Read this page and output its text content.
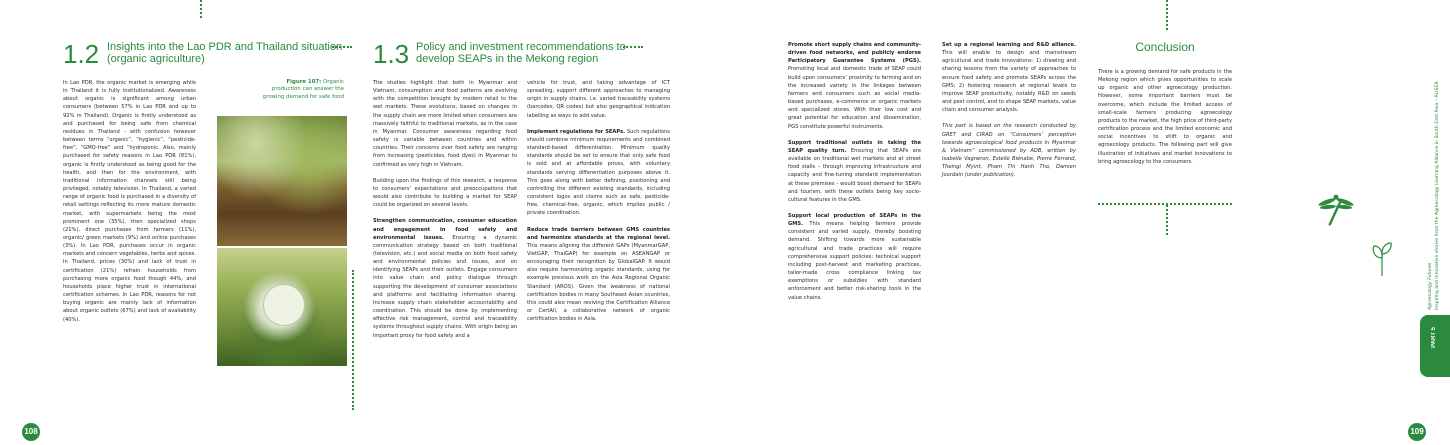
1.2 Insights into the Lao PDR and Thailand situation
(organic agriculture)

In Lao PDR, the organic market is emerging while in Thailand it is fully institutionalized. Awareness about organic is significant among urban consumers (between 57% in Lao PDR and up to 92% in Thailand). Organic is firstly understood as and purchased for being safe from chemical residues in Thailand - with confusion however between terms “organic”, “hygienic”, “pesticide-free”, “GMO-free” and “hydroponic. Also, mainly purchased for safety reasons in Lao PDR (81%), organic is firstly understood as being good for the health, and then for the environment, with traditional information channels still being privileged, notably television. In Thailand, a varied range of organic food is purchased in a diversity of retail settings reflecting its more mature domestic market, with supermarkets being the most prominent one (35%), then specialized shops (21%), direct purchases from farmers (11%), organic/ green markets (9%) and online purchases (3%). In Lao PDR, purchases occur in organic markets and concern vegetables, herbs and spices. In Thailand, prices (30%) and lack of trust in certification (21%) refrain households from purchasing more organic food though 44%; and households place higher trust in international certification schemes. In Lao PDR, reasons for not buying organic are mainly lack of information about organic outlets (67%) and lack of availability (40%).

Figure 107: Organic production can answer the growing demand for safe food
1.3 Policy and investment recommendations to
develop SEAPs in the Mekong region

The studies highlight that both in Myanmar and Vietnam, consumption and food patterns are evolving with the competition brought by modern retail to the wet markets. These evolutions, based on changes in the supply chain are more limited when consumers are massively faithful to traditional markets, as in the case in Myanmar. Consumer awareness regarding food safety is variable between countries and within countries. Their concerns over food safety are ranging from increasing (pesticides, food dyes) in Myanmar to confirmed as very high in Vietnam.

Building upon the findings of this research, a response to consumers’ expectations and preoccupations that would also contribute to building a market for SEAP could be organized on several levels.

Strengthen communication, consumer education and engagement in food safety and environmental issues. Ensuring a dynamic communication strategy based on both traditional (television, etc.) and social media on both food safety and environmental policies and issues, and on identifying SEAPs and their outlets. Engage consumers into value chain and policy dialogue through supporting the development of consumer associations and platforms and facilitating information sharing. Increase supply chain stakeholder accountability and coordination. This should be done by implementing effective risk management, control and traceability systems throughout supply chains. With origin being an important proxy for food safety and a

vehicle for trust, and taking advantage of ICT spreading, support different approaches to managing origin in supply chains, i.e. varied traceability systems (barcodes, QR codes) but also geographical indication labelling as ways to add value.

Implement regulations for SEAPs. Such regulations should combine minimum requirements and combined standard-based differentiation. Minimum quality standards should be set to ensure that only safe food is sold and at affordable prices, with voluntary standards serving differentiation purposes above it. This goes along with better defining, positioning and controlling the different existing standards, including consistent logos and claims such as safe, pesticide-free, chemical-free, organic, which implies public / private coordination.

Reduce trade barriers between GMS countries and harmonize standards at the regional level. This means aligning the different GAPs (MyanmarGAP, VietGAP, ThaiGAP) for example on ASEANGAP or encouraging their recognition by GlobalGAP. It would also require harmonizing organic standards, using for example previous work on the Asia Regional Organic Standard (AROS). Given the weakness of national certification bodies in many Southeast Asian countries, this could also mean reviving the Certification Alliance or CertAll, a collaborative network of organic certification bodies in Asia.

108

Promote short supply chains and community-driven food networks, and publicly endorse Participatory Guarantee Systems (PGS). Promoting local and domestic trade of SEAP could build upon consumers’ proximity to farming and on the increased variety in the linkages between farmers and consumers such as social media-based purchases, e-commerce or organic markets and specialized stores. With their low cost and great potential for education and dissemination, PGS constitute powerful instruments.

Support traditional outlets in taking the SEAP quality turn. Ensuring that SEAPs are available on traditional wet markets and at street food stalls – through improving infrastructure and capacity and fine-tuning standard implementation at these premises - would boost demand for SEAPs and tourism, with these outlets being key socio-cultural features in the GMS.

Support local production of SEAPs in the GMS. This means helping farmers provide consistent and varied supply, thereby boosting demand. Shifting towards more sustainable agricultural and trade practices will require comprehensive support policies: technical support including post-harvest and marketing practices, tailor-made cross compliance linking tax exemptions or subsidies with standard enforcement and better risk-sharing tools in the value chains.

Set up a regional learning and R&D alliance. This will enable to design and mainstream agricultural and trade innovations: 1) drawing and sharing lessons from the variety of approaches to ensure food safety and promote SEAPs across the GMS; 2) fostering research at regional levels to improve SEAP productivity, notably R&D on seeds and pest control, and to shape SEAP markets, value chain and consumer analysis.

This part is based on the research conducted by GRET and CIRAD on “Consumers’ perception towards agroecological food products in Myanmar & Vietnam” commissioned by ADB, written by Isabelle Vagneron, Estelle Biénabe, Pierre Ferrand, Theingi Myint, Pham Thi Hanh Tho, Damien Jourdain (under publication).

Conclusion

There is a growing demand for safe products in the Mekong region which gives opportunities to scale up organic and other agroecology production. However, some important barriers must be overcome, which include the limited access of small-scale farmers producing agroecology products to the market, the high price of third-party certification process and the limited economic and social incentives to shift to organic and agroecology products. The following part will give illustration of initiatives and market innovations to bring agroecology to the consumers.

Agroecology Futures Inspiring and innovative stories from the Agroecology Learning Alliance in South East Asia – ALiSEA
PART 5
109
